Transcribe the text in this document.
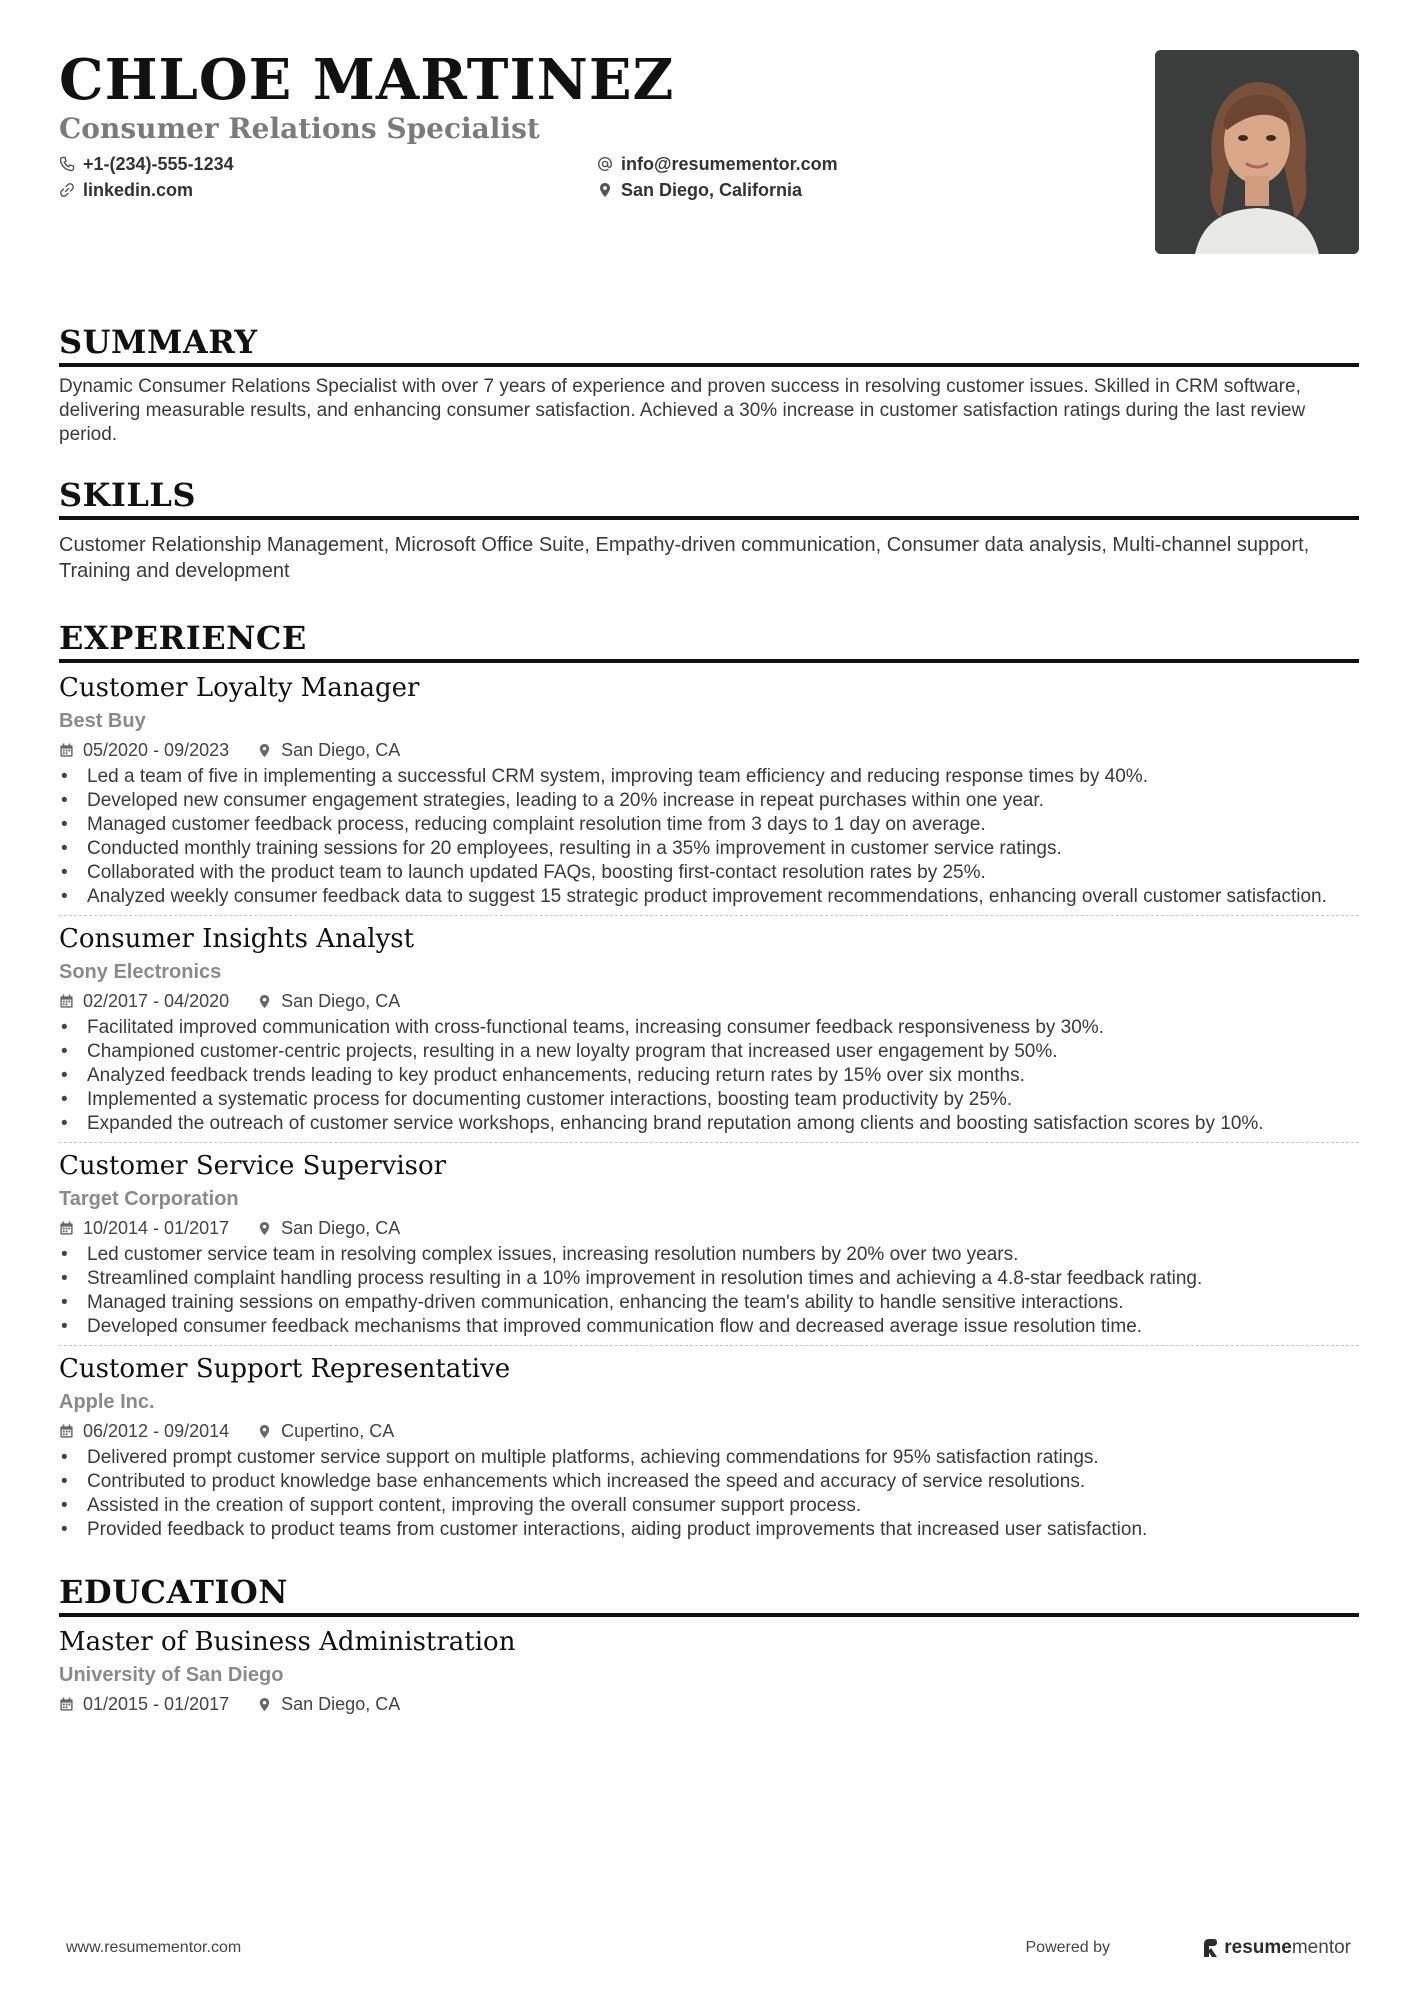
CHLOE MARTINEZ
Consumer Relations Specialist
+1-(234)-555-1234
linkedin.com
info@resumementor.com
San Diego, California
SUMMARY
Dynamic Consumer Relations Specialist with over 7 years of experience and proven success in resolving customer issues. Skilled in CRM software, delivering measurable results, and enhancing consumer satisfaction. Achieved a 30% increase in customer satisfaction ratings during the last review period.
SKILLS
Customer Relationship Management, Microsoft Office Suite, Empathy-driven communication, Consumer data analysis, Multi-channel support, Training and development
EXPERIENCE
Customer Loyalty Manager
Best Buy
05/2020 - 09/2023	San Diego, CA
• Led a team of five in implementing a successful CRM system, improving team efficiency and reducing response times by 40%.
• Developed new consumer engagement strategies, leading to a 20% increase in repeat purchases within one year.
• Managed customer feedback process, reducing complaint resolution time from 3 days to 1 day on average.
• Conducted monthly training sessions for 20 employees, resulting in a 35% improvement in customer service ratings.
• Collaborated with the product team to launch updated FAQs, boosting first-contact resolution rates by 25%.
• Analyzed weekly consumer feedback data to suggest 15 strategic product improvement recommendations, enhancing overall customer satisfaction.
Consumer Insights Analyst
Sony Electronics
02/2017 - 04/2020	San Diego, CA
• Facilitated improved communication with cross-functional teams, increasing consumer feedback responsiveness by 30%.
• Championed customer-centric projects, resulting in a new loyalty program that increased user engagement by 50%.
• Analyzed feedback trends leading to key product enhancements, reducing return rates by 15% over six months.
• Implemented a systematic process for documenting customer interactions, boosting team productivity by 25%.
• Expanded the outreach of customer service workshops, enhancing brand reputation among clients and boosting satisfaction scores by 10%.
Customer Service Supervisor
Target Corporation
10/2014 - 01/2017	San Diego, CA
• Led customer service team in resolving complex issues, increasing resolution numbers by 20% over two years.
• Streamlined complaint handling process resulting in a 10% improvement in resolution times and achieving a 4.8-star feedback rating.
• Managed training sessions on empathy-driven communication, enhancing the team's ability to handle sensitive interactions.
• Developed consumer feedback mechanisms that improved communication flow and decreased average issue resolution time.
Customer Support Representative
Apple Inc.
06/2012 - 09/2014	Cupertino, CA
• Delivered prompt customer service support on multiple platforms, achieving commendations for 95% satisfaction ratings.
• Contributed to product knowledge base enhancements which increased the speed and accuracy of service resolutions.
• Assisted in the creation of support content, improving the overall consumer support process.
• Provided feedback to product teams from customer interactions, aiding product improvements that increased user satisfaction.
EDUCATION
Master of Business Administration
University of San Diego
01/2015 - 01/2017	San Diego, CA
www.resumementor.com	Powered by	resume mentor
